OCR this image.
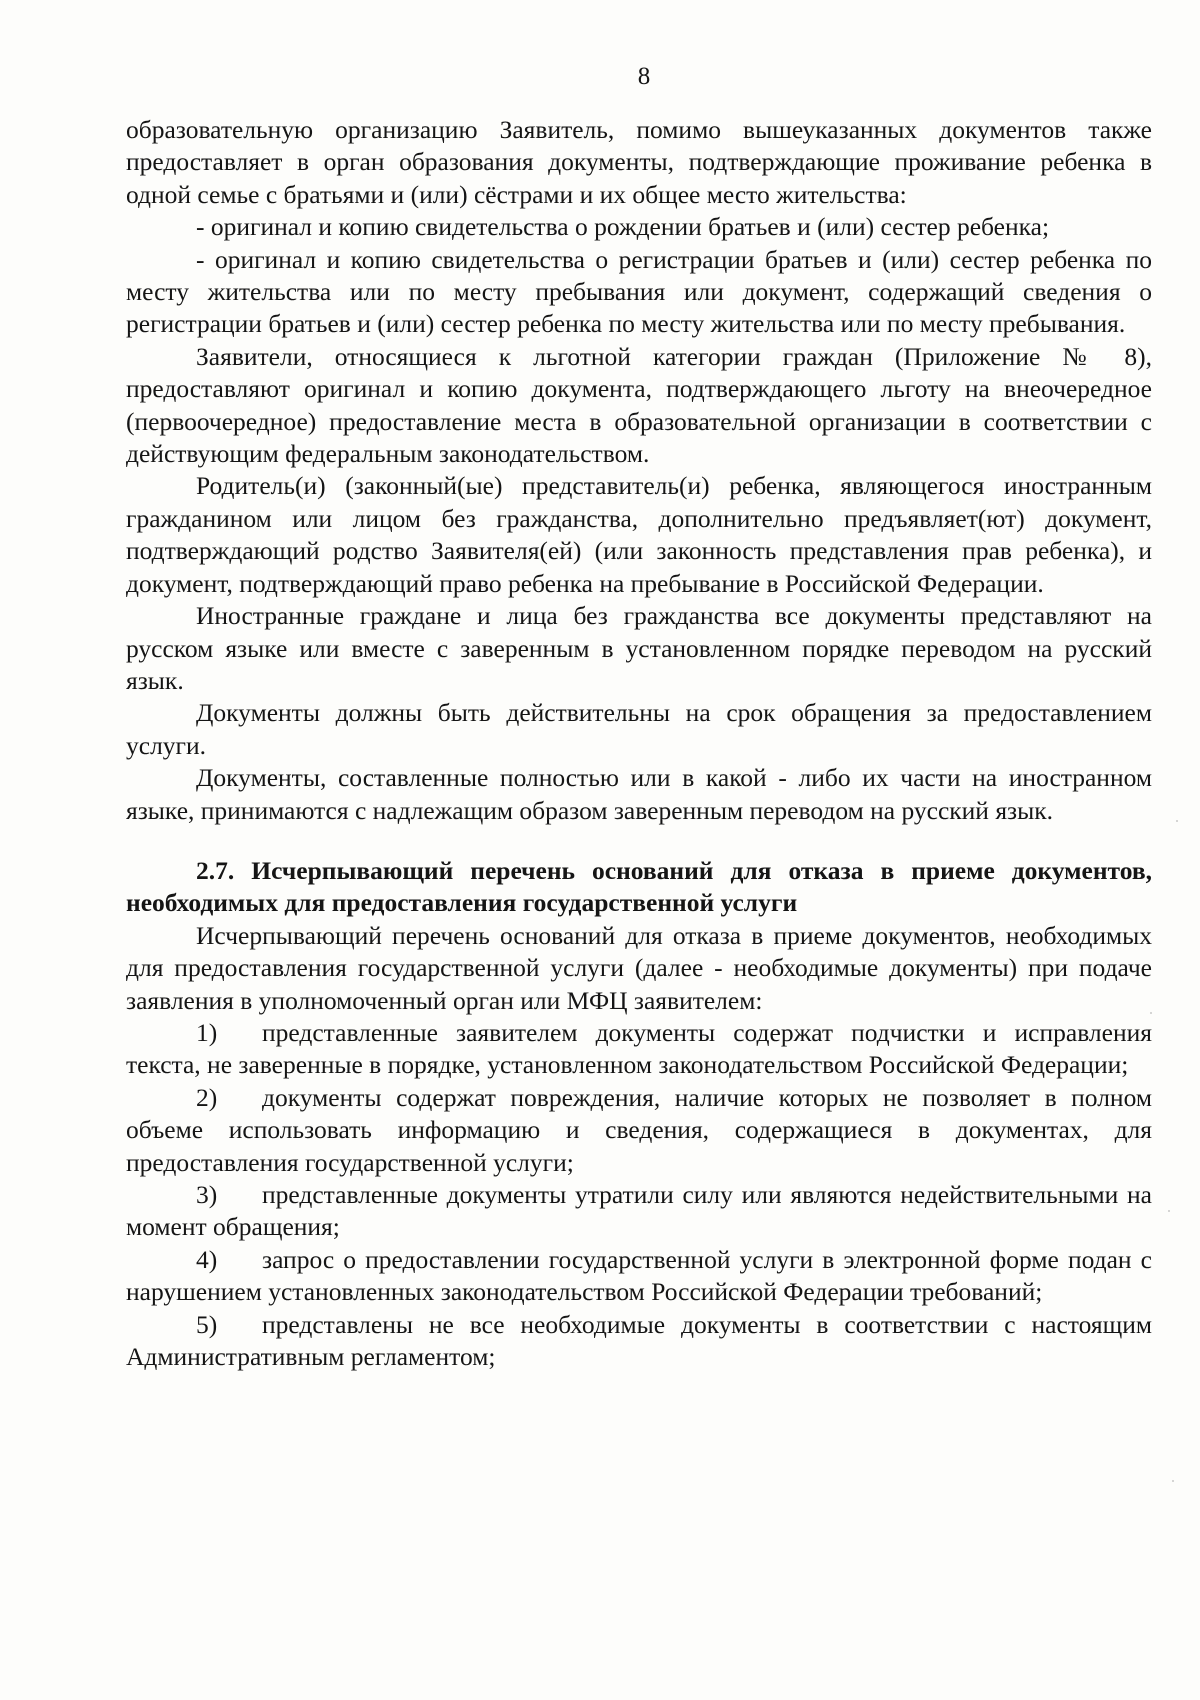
8

образовательную организацию Заявитель, помимо вышеуказанных документов также предоставляет в орган образования документы, подтверждающие проживание ребенка в одной семье с братьями и (или) сёстрами и их общее место жительства:

- оригинал и копию свидетельства о рождении братьев и (или) сестер ребенка;

- оригинал и копию свидетельства о регистрации братьев и (или) сестер ребенка по месту жительства или по месту пребывания или документ, содержащий сведения о регистрации братьев и (или) сестер ребенка по месту жительства или по месту пребывания.

Заявители, относящиеся к льготной категории граждан (Приложение № 8), предоставляют оригинал и копию документа, подтверждающего льготу на внеочередное (первоочередное) предоставление места в образовательной организации в соответствии с действующим федеральным законодательством.

Родитель(и) (законный(ые) представитель(и) ребенка, являющегося иностранным гражданином или лицом без гражданства, дополнительно предъявляет(ют) документ, подтверждающий родство Заявителя(ей) (или законность представления прав ребенка), и документ, подтверждающий право ребенка на пребывание в Российской Федерации.

Иностранные граждане и лица без гражданства все документы представляют на русском языке или вместе с заверенным в установленном порядке переводом на русский язык.

Документы должны быть действительны на срок обращения за предоставлением услуги.

Документы, составленные полностью или в какой - либо их части на иностранном языке, принимаются с надлежащим образом заверенным переводом на русский язык.

2.7. Исчерпывающий перечень оснований для отказа в приеме документов, необходимых для предоставления государственной услуги

Исчерпывающий перечень оснований для отказа в приеме документов, необходимых для предоставления государственной услуги (далее - необходимые документы) при подаче заявления в уполномоченный орган или МФЦ заявителем:

1) представленные заявителем документы содержат подчистки и исправления текста, не заверенные в порядке, установленном законодательством Российской Федерации;

2) документы содержат повреждения, наличие которых не позволяет в полном объеме использовать информацию и сведения, содержащиеся в документах, для предоставления государственной услуги;

3) представленные документы утратили силу или являются недействительными на момент обращения;

4) запрос о предоставлении государственной услуги в электронной форме подан с нарушением установленных законодательством Российской Федерации требований;

5) представлены не все необходимые документы в соответствии с настоящим Административным регламентом;
